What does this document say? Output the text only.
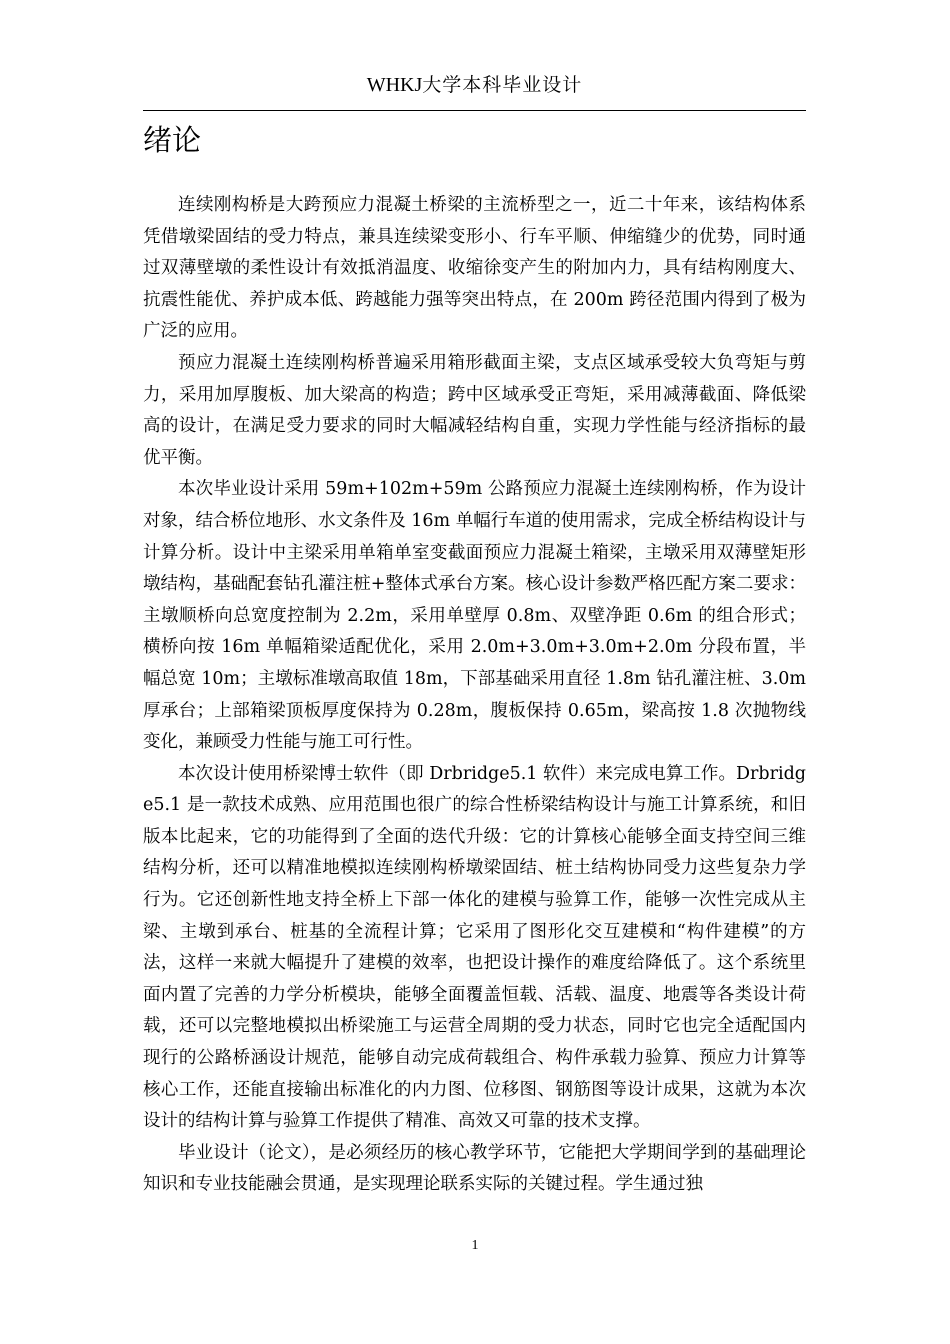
WHKJ大学本科毕业设计
绪论

连续刚构桥是大跨预应力混凝土桥梁的主流桥型之一，近二十年来，该结构体系凭借墩梁固结的受力特点，兼具连续梁变形小、行车平顺、伸缩缝少的优势，同时通过双薄壁墩的柔性设计有效抵消温度、收缩徐变产生的附加内力，具有结构刚度大、抗震性能优、养护成本低、跨越能力强等突出特点，在 200m 跨径范围内得到了极为广泛的应用。

预应力混凝土连续刚构桥普遍采用箱形截面主梁，支点区域承受较大负弯矩与剪力，采用加厚腹板、加大梁高的构造；跨中区域承受正弯矩，采用减薄截面、降低梁高的设计，在满足受力要求的同时大幅减轻结构自重，实现力学性能与经济指标的最优平衡。

本次毕业设计采用 59m+102m+59m 公路预应力混凝土连续刚构桥，作为设计对象，结合桥位地形、水文条件及 16m 单幅行车道的使用需求，完成全桥结构设计与计算分析。设计中主梁采用单箱单室变截面预应力混凝土箱梁，主墩采用双薄壁矩形墩结构，基础配套钻孔灌注桩+整体式承台方案。核心设计参数严格匹配方案二要求：主墩顺桥向总宽度控制为 2.2m，采用单壁厚 0.8m、双壁净距 0.6m 的组合形式；横桥向按 16m 单幅箱梁适配优化，采用 2.0m+3.0m+3.0m+2.0m 分段布置，半幅总宽 10m；主墩标准墩高取值 18m，下部基础采用直径 1.8m 钻孔灌注桩、3.0m 厚承台；上部箱梁顶板厚度保持为 0.28m，腹板保持 0.65m，梁高按 1.8 次抛物线变化，兼顾受力性能与施工可行性。

本次设计使用桥梁博士软件（即 Drbridge5.1 软件）来完成电算工作。Drbridge5.1 是一款技术成熟、应用范围也很广的综合性桥梁结构设计与施工计算系统，和旧版本比起来，它的功能得到了全面的迭代升级：它的计算核心能够全面支持空间三维结构分析，还可以精准地模拟连续刚构桥墩梁固结、桩土结构协同受力这些复杂力学行为。它还创新性地支持全桥上下部一体化的建模与验算工作，能够一次性完成从主梁、主墩到承台、桩基的全流程计算；它采用了图形化交互建模和“构件建模”的方法，这样一来就大幅提升了建模的效率，也把设计操作的难度给降低了。这个系统里面内置了完善的力学分析模块，能够全面覆盖恒载、活载、温度、地震等各类设计荷载，还可以完整地模拟出桥梁施工与运营全周期的受力状态，同时它也完全适配国内现行的公路桥涵设计规范，能够自动完成荷载组合、构件承载力验算、预应力计算等核心工作，还能直接输出标准化的内力图、位移图、钢筋图等设计成果，这就为本次设计的结构计算与验算工作提供了精准、高效又可靠的技术支撑。

毕业设计（论文），是必须经历的核心教学环节，它能把大学期间学到的基础理论知识和专业技能融会贯通，是实现理论联系实际的关键过程。学生通过独

1
